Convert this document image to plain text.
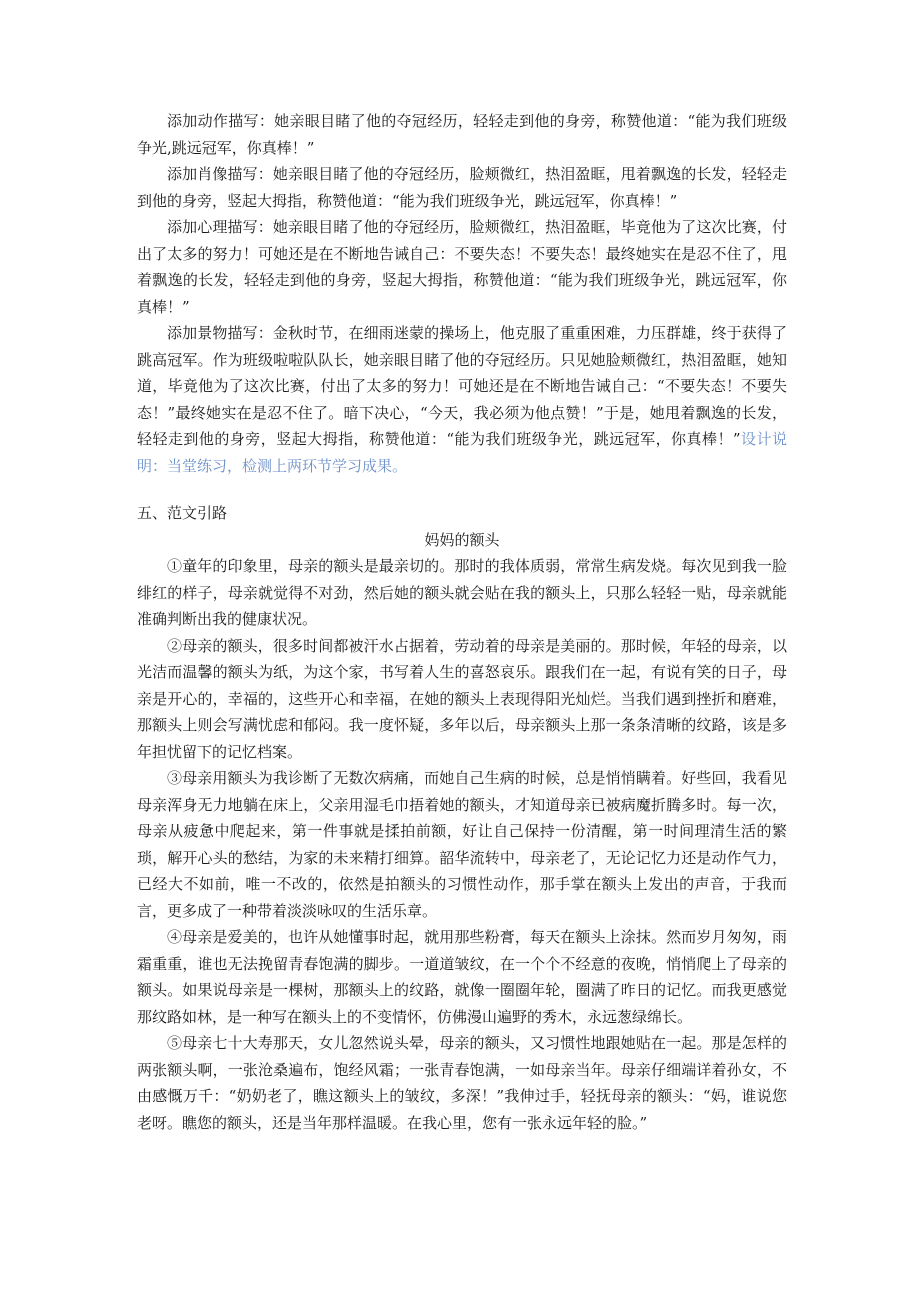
添加动作描写：她亲眼目睹了他的夺冠经历，轻轻走到他的身旁，称赞他道：“能为我们班级争光,跳远冠军，你真棒！”

添加肖像描写：她亲眼目睹了他的夺冠经历，脸颊微红，热泪盈眶，甩着飘逸的长发，轻轻走到他的身旁，竖起大拇指，称赞他道：“能为我们班级争光，跳远冠军，你真棒！”

添加心理描写：她亲眼目睹了他的夺冠经历，脸颊微红，热泪盈眶，毕竟他为了这次比赛，付出了太多的努力！可她还是在不断地告诫自己：不要失态！不要失态！最终她实在是忍不住了，甩着飘逸的长发，轻轻走到他的身旁，竖起大拇指，称赞他道：“能为我们班级争光，跳远冠军，你真棒！”

添加景物描写：金秋时节，在细雨迷蒙的操场上，他克服了重重困难，力压群雄，终于获得了跳高冠军。作为班级啦啦队队长，她亲眼目睹了他的夺冠经历。只见她脸颊微红，热泪盈眶，她知道，毕竟他为了这次比赛，付出了太多的努力！可她还是在不断地告诫自己：“不要失态！不要失态！”最终她实在是忍不住了。暗下决心，“今天，我必须为他点赞！”于是，她甩着飘逸的长发，轻轻走到他的身旁，竖起大拇指，称赞他道：“能为我们班级争光，跳远冠军，你真棒！”设计说明：当堂练习，检测上两环节学习成果。

五、范文引路

妈妈的额头

①童年的印象里，母亲的额头是最亲切的。那时的我体质弱，常常生病发烧。每次见到我一脸绯红的样子，母亲就觉得不对劲，然后她的额头就会贴在我的额头上，只那么轻轻一贴，母亲就能准确判断出我的健康状况。

②母亲的额头，很多时间都被汗水占据着，劳动着的母亲是美丽的。那时候，年轻的母亲，以光洁而温馨的额头为纸，为这个家，书写着人生的喜怒哀乐。跟我们在一起，有说有笑的日子，母亲是开心的，幸福的，这些开心和幸福，在她的额头上表现得阳光灿烂。当我们遇到挫折和磨难，那额头上则会写满忧虑和郁闷。我一度怀疑，多年以后，母亲额头上那一条条清晰的纹路，该是多年担忧留下的记忆档案。

③母亲用额头为我诊断了无数次病痛，而她自己生病的时候，总是悄悄瞒着。好些回，我看见母亲浑身无力地躺在床上，父亲用湿毛巾捂着她的额头，才知道母亲已被病魔折腾多时。每一次，母亲从疲惫中爬起来，第一件事就是揉拍前额，好让自己保持一份清醒，第一时间理清生活的繁琐，解开心头的愁结，为家的未来精打细算。韶华流转中，母亲老了，无论记忆力还是动作气力，已经大不如前，唯一不改的，依然是拍额头的习惯性动作，那手掌在额头上发出的声音，于我而言，更多成了一种带着淡淡咏叹的生活乐章。

④母亲是爱美的，也许从她懂事时起，就用那些粉膏，每天在额头上涂抹。然而岁月匆匆，雨霜重重，谁也无法挽留青春饱满的脚步。一道道皱纹，在一个个不经意的夜晚，悄悄爬上了母亲的额头。如果说母亲是一棵树，那额头上的纹路，就像一圈圈年轮，圈满了昨日的记忆。而我更感觉那纹路如林，是一种写在额头上的不变情怀，仿佛漫山遍野的秀木，永远葱绿绵长。

⑤母亲七十大寿那天，女儿忽然说头晕，母亲的额头，又习惯性地跟她贴在一起。那是怎样的两张额头啊，一张沧桑遍布，饱经风霜；一张青春饱满，一如母亲当年。母亲仔细端详着孙女，不由感慨万千：“奶奶老了，瞧这额头上的皱纹，多深！”我伸过手，轻抚母亲的额头：“妈，谁说您老呀。瞧您的额头，还是当年那样温暖。在我心里，您有一张永远年轻的脸。”
